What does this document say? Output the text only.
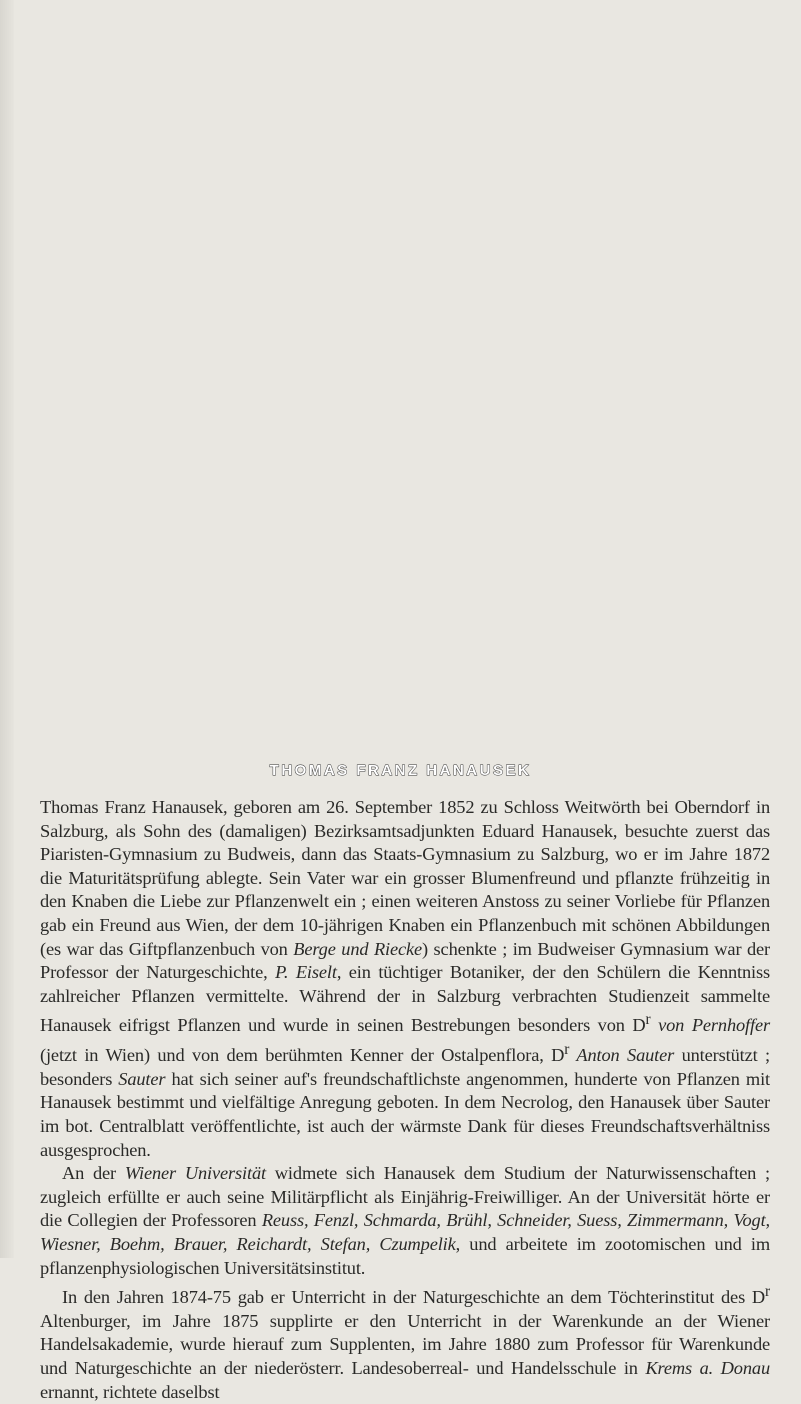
THOMAS FRANZ HANAUSEK

Thomas Franz Hanausek, geboren am 26. September 1852 zu Schloss Weitwörth bei Oberndorf in Salzburg, als Sohn des (damaligen) Bezirksamtsadjunkten Eduard Hanausek, besuchte zuerst das Piaristen-Gymnasium zu Budweis, dann das Staats-Gymnasium zu Salzburg, wo er im Jahre 1872 die Maturitätsprüfung ablegte. Sein Vater war ein grosser Blumenfreund und pflanzte frühzeitig in den Knaben die Liebe zur Pflanzenwelt ein ; einen weiteren Anstoss zu seiner Vorliebe für Pflanzen gab ein Freund aus Wien, der dem 10-jährigen Knaben ein Pflanzenbuch mit schönen Abbildungen (es war das Giftpflanzenbuch von Berge und Riecke) schenkte ; im Budweiser Gymnasium war der Professor der Naturgeschichte, P. Eiselt, ein tüchtiger Botaniker, der den Schülern die Kenntniss zahlreicher Pflanzen vermittelte. Während der in Salzburg verbrachten Studienzeit sammelte Hanausek eifrigst Pflanzen und wurde in seinen Bestrebungen besonders von $D^r$ von Pernhoffer (jetzt in Wien) und von dem berühmten Kenner der Ostalpenflora, $D^r$ Anton Sauter unterstützt ; besonders Sauter hat sich seiner auf's freundschaftlichste angenommen, hunderte von Pflanzen mit Hanausek bestimmt und vielfältige Anregung geboten. In dem Necrolog, den Hanausek über Sauter im bot. Centralblatt veröffentlichte, ist auch der wärmste Dank für dieses Freundschaftsverhältniss ausgesprochen.

An der Wiener Universität widmete sich Hanausek dem Studium der Naturwissenschaften ; zugleich erfüllte er auch seine Militärpflicht als Einjährig-Freiwilliger. An der Universität hörte er die Collegien der Professoren Reuss, Fenzl, Schmarda, Brühl, Schneider, Suess, Zimmermann, Vogt, Wiesner, Boehm, Brauer, Reichardt, Stefan, Czumpelik, und arbeitete im zootomischen und im pflanzenphysiologischen Universitätsinstitut.

In den Jahren 1874-75 gab er Unterricht in der Naturgeschichte an dem Töchterinstitut des $D^r$ Altenburger, im Jahre 1875 supplirte er den Unterricht in der Warenkunde an der Wiener Handelsakademie, wurde hierauf zum Supplenten, im Jahre 1880 zum Professor für Warenkunde und Naturgeschichte an der niederösterr. Landesoberreal- und Handelsschule in Krems a. Donau ernannt, richtete daselbst
